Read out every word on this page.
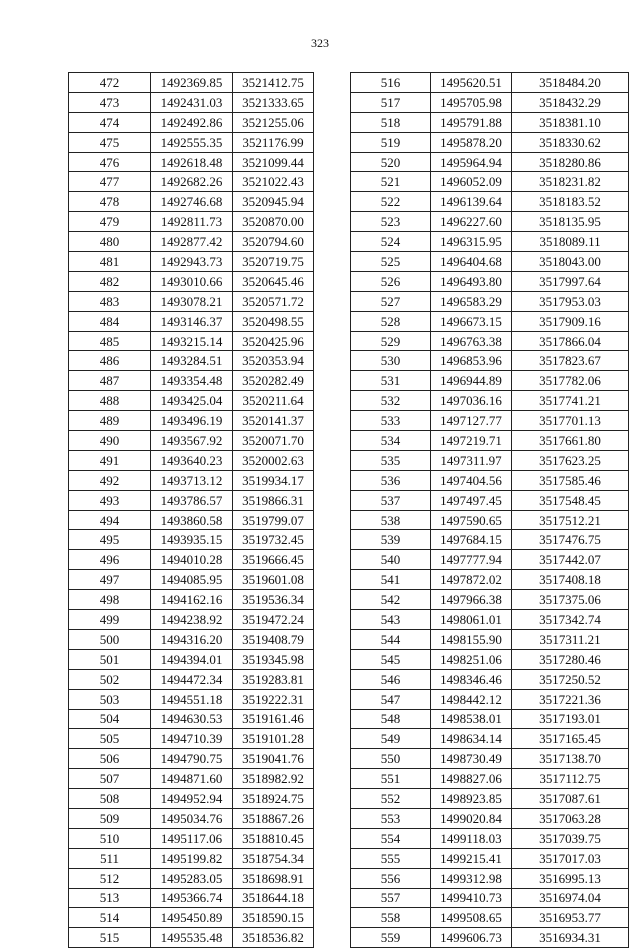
323
472	1492369.85	3521412.75
473	1492431.03	3521333.65
474	1492492.86	3521255.06
475	1492555.35	3521176.99
476	1492618.48	3521099.44
477	1492682.26	3521022.43
478	1492746.68	3520945.94
479	1492811.73	3520870.00
480	1492877.42	3520794.60
481	1492943.73	3520719.75
482	1493010.66	3520645.46
483	1493078.21	3520571.72
484	1493146.37	3520498.55
485	1493215.14	3520425.96
486	1493284.51	3520353.94
487	1493354.48	3520282.49
488	1493425.04	3520211.64
489	1493496.19	3520141.37
490	1493567.92	3520071.70
491	1493640.23	3520002.63
492	1493713.12	3519934.17
493	1493786.57	3519866.31
494	1493860.58	3519799.07
495	1493935.15	3519732.45
496	1494010.28	3519666.45
497	1494085.95	3519601.08
498	1494162.16	3519536.34
499	1494238.92	3519472.24
500	1494316.20	3519408.79
501	1494394.01	3519345.98
502	1494472.34	3519283.81
503	1494551.18	3519222.31
504	1494630.53	3519161.46
505	1494710.39	3519101.28
506	1494790.75	3519041.76
507	1494871.60	3518982.92
508	1494952.94	3518924.75
509	1495034.76	3518867.26
510	1495117.06	3518810.45
511	1495199.82	3518754.34
512	1495283.05	3518698.91
513	1495366.74	3518644.18
514	1495450.89	3518590.15
515	1495535.48	3518536.82
516	1495620.51	3518484.20
517	1495705.98	3518432.29
518	1495791.88	3518381.10
519	1495878.20	3518330.62
520	1495964.94	3518280.86
521	1496052.09	3518231.82
522	1496139.64	3518183.52
523	1496227.60	3518135.95
524	1496315.95	3518089.11
525	1496404.68	3518043.00
526	1496493.80	3517997.64
527	1496583.29	3517953.03
528	1496673.15	3517909.16
529	1496763.38	3517866.04
530	1496853.96	3517823.67
531	1496944.89	3517782.06
532	1497036.16	3517741.21
533	1497127.77	3517701.13
534	1497219.71	3517661.80
535	1497311.97	3517623.25
536	1497404.56	3517585.46
537	1497497.45	3517548.45
538	1497590.65	3517512.21
539	1497684.15	3517476.75
540	1497777.94	3517442.07
541	1497872.02	3517408.18
542	1497966.38	3517375.06
543	1498061.01	3517342.74
544	1498155.90	3517311.21
545	1498251.06	3517280.46
546	1498346.46	3517250.52
547	1498442.12	3517221.36
548	1498538.01	3517193.01
549	1498634.14	3517165.45
550	1498730.49	3517138.70
551	1498827.06	3517112.75
552	1498923.85	3517087.61
553	1499020.84	3517063.28
554	1499118.03	3517039.75
555	1499215.41	3517017.03
556	1499312.98	3516995.13
557	1499410.73	3516974.04
558	1499508.65	3516953.77
559	1499606.73	3516934.31
